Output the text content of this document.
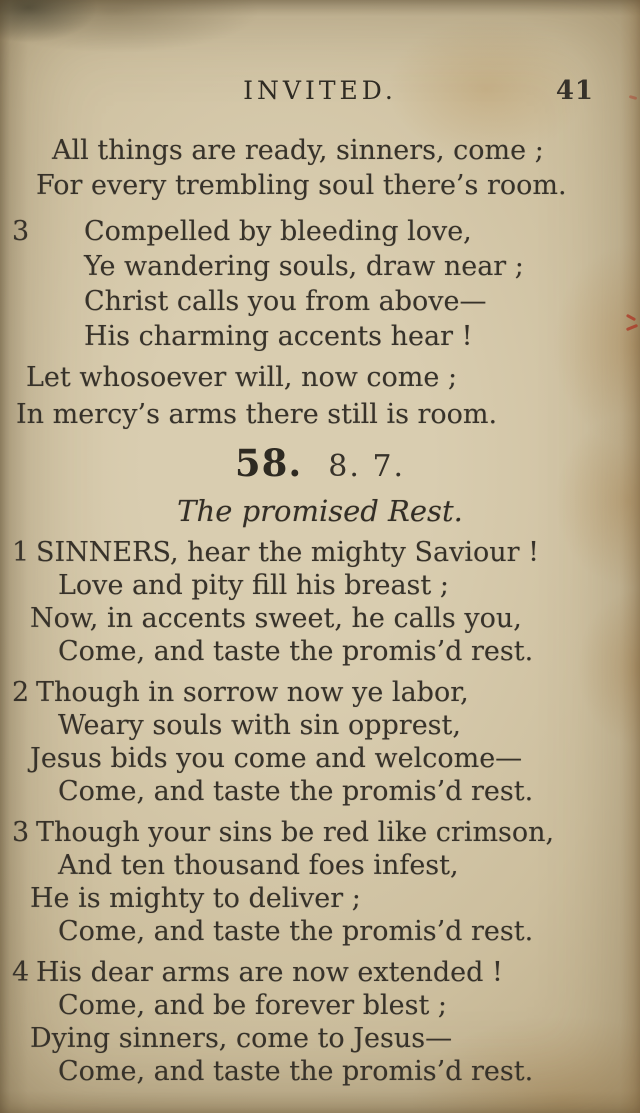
INVITED.	41

All things are ready, sinners, come ;

For every trembling soul there’s room.

3 Compelled by bleeding love,

Ye wandering souls, draw near ;

Christ calls you from above—

His charming accents hear !

Let whosoever will, now come ;

In mercy’s arms there still is room.

58. 8. 7.
The promised Rest.

1 SINNERS, hear the mighty Saviour !

Love and pity fill his breast ;

Now, in accents sweet, he calls you,

Come, and taste the promis’d rest.

2 Though in sorrow now ye labor,

Weary souls with sin opprest,

Jesus bids you come and welcome—

Come, and taste the promis’d rest.

3 Though your sins be red like crimson,

And ten thousand foes infest,

He is mighty to deliver ;

Come, and taste the promis’d rest.

4 His dear arms are now extended !

Come, and be forever blest ;

Dying sinners, come to Jesus—

Come, and taste the promis’d rest.
